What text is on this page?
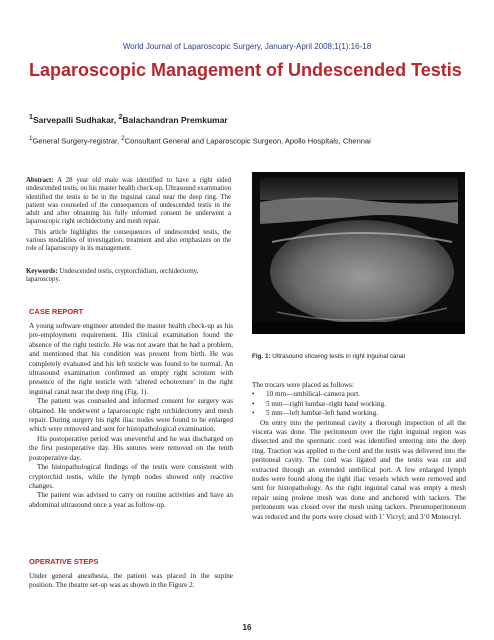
World Journal of Laparoscopic Surgery, January-April 2008;1(1):16-18
Laparoscopic Management of Undescended Testis
$^1$Sarvepalli Sudhakar, $^2$Balachandran Premkumar
$^1$General Surgery-registrar, $^2$Consultant General and Laparoscopic Surgeon, Apollo Hospitals, Chennai

Abstract: A 28 year old male was identified to have a right sided undescended testis, on his master health check-up. Ultrasound examination identified the testis to be in the inguinal canal near the deep ring. The patient was counseled of the consequences of undescended testis in the adult and after obtaining his fully informed consent he underwent a laparoscopic right orchidectomy and mesh repair.

This article highlights the consequences of undescended testis, the various modalities of investigation, treatment and also emphasizes on the role of laparoscopy in its management.

Keywords: Undescended testis, cryptorchidism, orchidectomy, laparoscopy.
CASE REPORT

A young software engineer attended the master health check-up as his pre-employment requirement. His clinical examination found the absence of the right testicle. He was not aware that he had a problem, and mentioned that his condition was present from birth. He was completely evaluated and his left testicle was found to be normal. An ultrasound examination confirmed an empty right scrotum with presence of the right testicle with ‘altered echotexture’ in the right inguinal canal near the deep ring (Fig. 1).

The patient was counseled and informed consent for surgery was obtained. He underwent a laparoscopic right orchidectomy and mesh repair. During surgery his right iliac nodes were found to be enlarged which were removed and sent for histopathological examination.

His postoperative period was uneventful and he was discharged on the first postoperative day. His sutures were removed on the tenth postoperative day.

The histopathological findings of the testis were consistent with cryptorchid testis, while the lymph nodes showed only reactive changes.

The patient was advised to carry on routine activities and have an abdominal ultrasound once a year as follow-up.

OPERATIVE STEPS

Under general anesthesia, the patient was placed in the supine position. The theatre set-up was as shown in the Figure 2.

Fig. 1: Ultrasound showing testis in right inguinal canal

The trocars were placed as follows:

• 10 mm—umbilical–camera port.
• 5 mm—right lumbar–right hand working.
• 5 mm—left lumbar–left hand working.

On entry into the peritoneal cavity a thorough inspection of all the viscera was done. The peritoneum over the right inguinal region was dissected and the spermatic cord was identified entering into the deep ring. Traction was applied to the cord and the testis was delivered into the peritoneal cavity. The cord was ligated and the testis was cut and extracted through an extended umbilical port. A few enlarged lymph nodes were found along the right iliac vessels which were removed and sent for histopathology. As the right inguinal canal was empty a mesh repair using prolene mesh was done and anchored with tackers. The peritoneum was closed over the mesh using tackers. Pneumoperitoneum was reduced and the ports were closed with 1’ Vicryl; and 3’0 Monocryl.

16
